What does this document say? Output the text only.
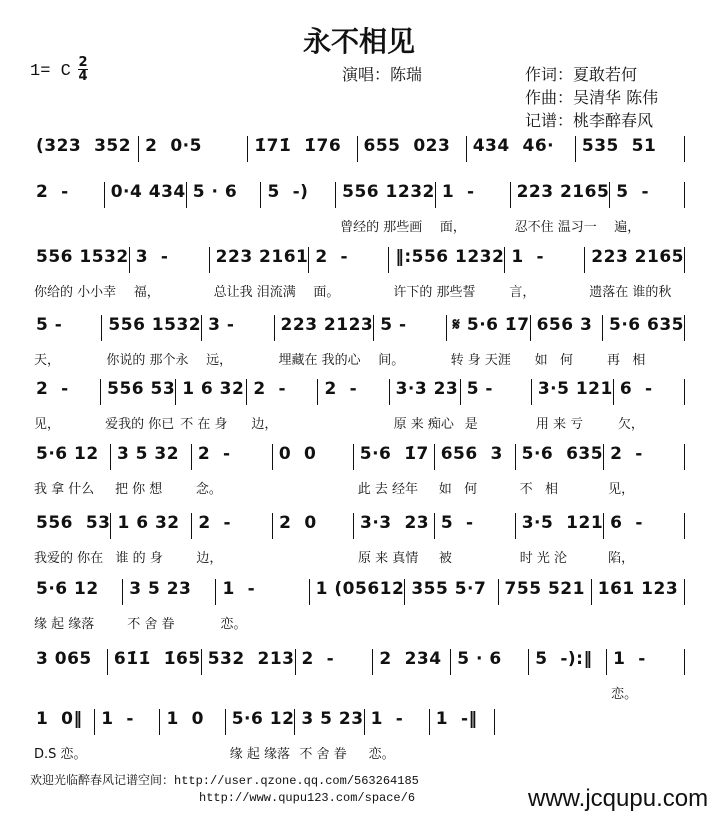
永不相见
1= C 2
4	演唱：陈瑞	作词：夏敢若何
作曲：吴清华 陈伟
记谱：桃李醉春风
(323  352 2  0·5	1̇71̇  1̇76	655  023	434  46·	535  51
2  -	0·4 434 5 · 6	5  -)	556 1232
曾经的 那些画
1  -
面，
223 2165
忍不住 温习一
5  -
遍，
556 1532
你给的 小小幸
3  -
福，
223 2161
总让我 泪流满
2  -
面。
‖:556 1232
许下的 那些誓
1  -
言，
223 2165
遗落在 谁的秋
5 -
天，
556 1532
你说的 那个永
3 -
远，
223 2123
埋藏在 我的心
5 -
间。
𝄋 5·6 1̇7
转 身 天涯
656 3
如   何
5·6 635
再   相
2  -
见，
556 53
爱我的 你已
1 6 32
不 在 身
2  -
边，
2  -	3·3 23
原 来 痴心
5 -
是
3·5 121
用 来 亏
6  -
欠，
5·6 12
我 拿 什么
3 5 32
把 你 想
2  -
念。
0  0	5·6  1̇7
此 去 经年
656  3
如   何
5·6  635
不   相
2  -
见，
556  53
我爱的 你在
1 6 32
谁 的 身
2  -
边，
2  0	3·3  23
原 来 真情
5  -
被
3·5  121
时 光 沦
6  -
陷，
5·6 12
缘 起 缘落
3 5 23
不 舍 眷
1  -
恋。
1 (05612 355 5·7	755 521 161 123
3 065	61̇1̇  1̇65 532  213 2  -	2  234 5 · 6	5  -):‖	1  -
恋。
1  0‖
D.S 恋。
1  -	1  0	5·6 12
缘 起 缘落
3 5 23
不 舍 眷
1  -
恋。
1  -‖
欢迎光临醉春风记谱空间：http://user.qzone.qq.com/563264185
http://www.qupu123.com/space/6	www.jcqupu.com
